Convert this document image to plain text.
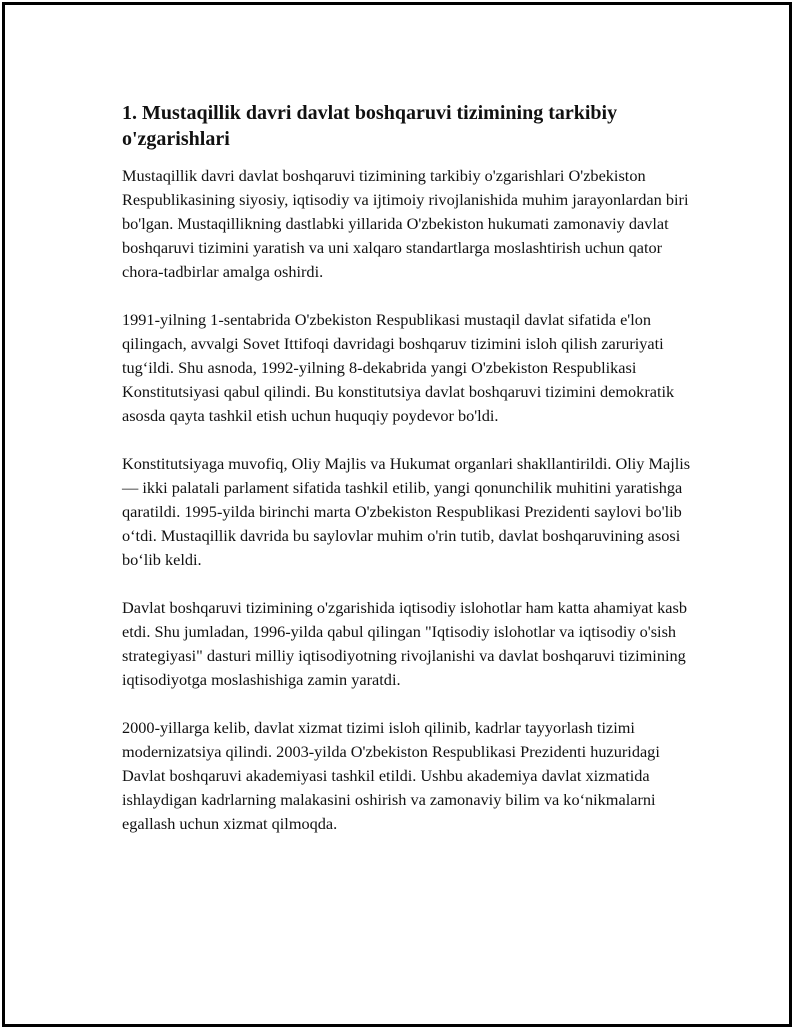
1. Mustaqillik davri davlat boshqaruvi tizimining tarkibiy o'zgarishlari

Mustaqillik davri davlat boshqaruvi tizimining tarkibiy o'zgarishlari O'zbekiston Respublikasining siyosiy, iqtisodiy va ijtimoiy rivojlanishida muhim jarayonlardan biri bo'lgan. Mustaqillikning dastlabki yillarida O'zbekiston hukumati zamonaviy davlat boshqaruvi tizimini yaratish va uni xalqaro standartlarga moslashtirish uchun qator chora-tadbirlar amalga oshirdi.

1991-yilning 1-sentabrida O'zbekiston Respublikasi mustaqil davlat sifatida e'lon qilingach, avvalgi Sovet Ittifoqi davridagi boshqaruv tizimini isloh qilish zaruriyati tug‘ildi. Shu asnoda, 1992-yilning 8-dekabrida yangi O'zbekiston Respublikasi Konstitutsiyasi qabul qilindi. Bu konstitutsiya davlat boshqaruvi tizimini demokratik asosda qayta tashkil etish uchun huquqiy poydevor bo'ldi.

Konstitutsiyaga muvofiq, Oliy Majlis va Hukumat organlari shakllantirildi. Oliy Majlis — ikki palatali parlament sifatida tashkil etilib, yangi qonunchilik muhitini yaratishga qaratildi. 1995-yilda birinchi marta O'zbekiston Respublikasi Prezidenti saylovi bo'lib o‘tdi. Mustaqillik davrida bu saylovlar muhim o'rin tutib, davlat boshqaruvining asosi bo‘lib keldi.

Davlat boshqaruvi tizimining o'zgarishida iqtisodiy islohotlar ham katta ahamiyat kasb etdi. Shu jumladan, 1996-yilda qabul qilingan "Iqtisodiy islohotlar va iqtisodiy o'sish strategiyasi" dasturi milliy iqtisodiyotning rivojlanishi va davlat boshqaruvi tizimining iqtisodiyotga moslashishiga zamin yaratdi.

2000-yillarga kelib, davlat xizmat tizimi isloh qilinib, kadrlar tayyorlash tizimi modernizatsiya qilindi. 2003-yilda O'zbekiston Respublikasi Prezidenti huzuridagi Davlat boshqaruvi akademiyasi tashkil etildi. Ushbu akademiya davlat xizmatida ishlaydigan kadrlarning malakasini oshirish va zamonaviy bilim va ko‘nikmalarni egallash uchun xizmat qilmoqda.
